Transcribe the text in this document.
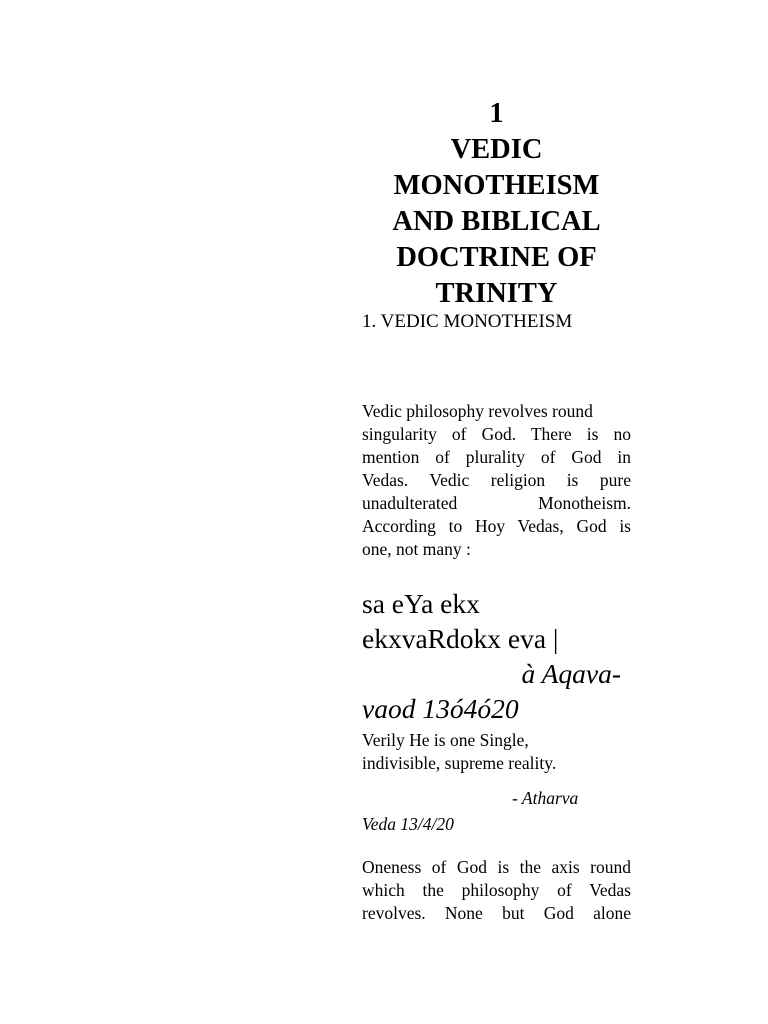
1
VEDIC
MONOTHEISM
AND BIBLICAL
DOCTRINE OF
TRINITY
1. VEDIC MONOTHEISM
Vedic philosophy revolves round
singularity of God. There is no
mention of plurality of God in
Vedas. Vedic religion is pure
unadulterated Monotheism.
According to Hoy Vedas, God is
one, not many :
sa eYa ekx
ekxvaRdokx eva |
à Aqava-
vaod 13ó4ó20
Verily He is one Single,
indivisible, supreme reality.
- Atharva
Veda 13/4/20
Oneness of God is the axis round
which the philosophy of Vedas
revolves. None but God alone
